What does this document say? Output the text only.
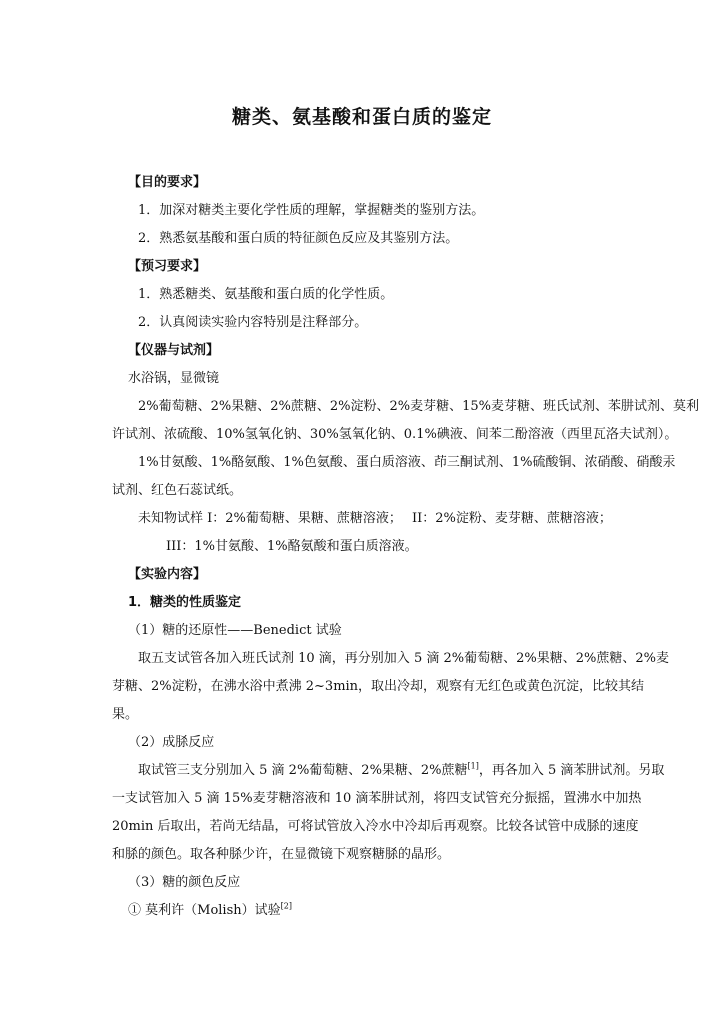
糖类、氨基酸和蛋白质的鉴定
【目的要求】
1．加深对糖类主要化学性质的理解，掌握糖类的鉴别方法。
2．熟悉氨基酸和蛋白质的特征颜色反应及其鉴别方法。
【预习要求】
1．熟悉糖类、氨基酸和蛋白质的化学性质。
2．认真阅读实验内容特别是注释部分。
【仪器与试剂】
水浴锅，显微镜
2%葡萄糖、2%果糖、2%蔗糖、2%淀粉、2%麦芽糖、15%麦芽糖、班氏试剂、苯肼试剂、莫利
许试剂、浓硫酸、10%氢氧化钠、30%氢氧化钠、0.1%碘液、间苯二酚溶液（西里瓦洛夫试剂）。
1%甘氨酸、1%酪氨酸、1%色氨酸、蛋白质溶液、茚三酮试剂、1%硫酸铜、浓硝酸、硝酸汞
试剂、红色石蕊试纸。
未知物试样 I：2%葡萄糖、果糖、蔗糖溶液； II：2%淀粉、麦芽糖、蔗糖溶液；
III：1%甘氨酸、1%酪氨酸和蛋白质溶液。
【实验内容】
1．糖类的性质鉴定
（1）糖的还原性——Benedict 试验
取五支试管各加入班氏试剂 10 滴，再分别加入 5 滴 2%葡萄糖、2%果糖、2%蔗糖、2%麦
芽糖、2%淀粉，在沸水浴中煮沸 2~3min，取出冷却，观察有无红色或黄色沉淀，比较其结
果。
（2）成脎反应
取试管三支分别加入 5 滴 2%葡萄糖、2%果糖、2%蔗糖[1]，再各加入 5 滴苯肼试剂。另取
一支试管加入 5 滴 15%麦芽糖溶液和 10 滴苯肼试剂，将四支试管充分振摇，置沸水中加热
20min 后取出，若尚无结晶，可将试管放入冷水中冷却后再观察。比较各试管中成脎的速度
和脎的颜色。取各种脎少许，在显微镜下观察糖脎的晶形。
（3）糖的颜色反应
① 莫利许（Molish）试验[2]
